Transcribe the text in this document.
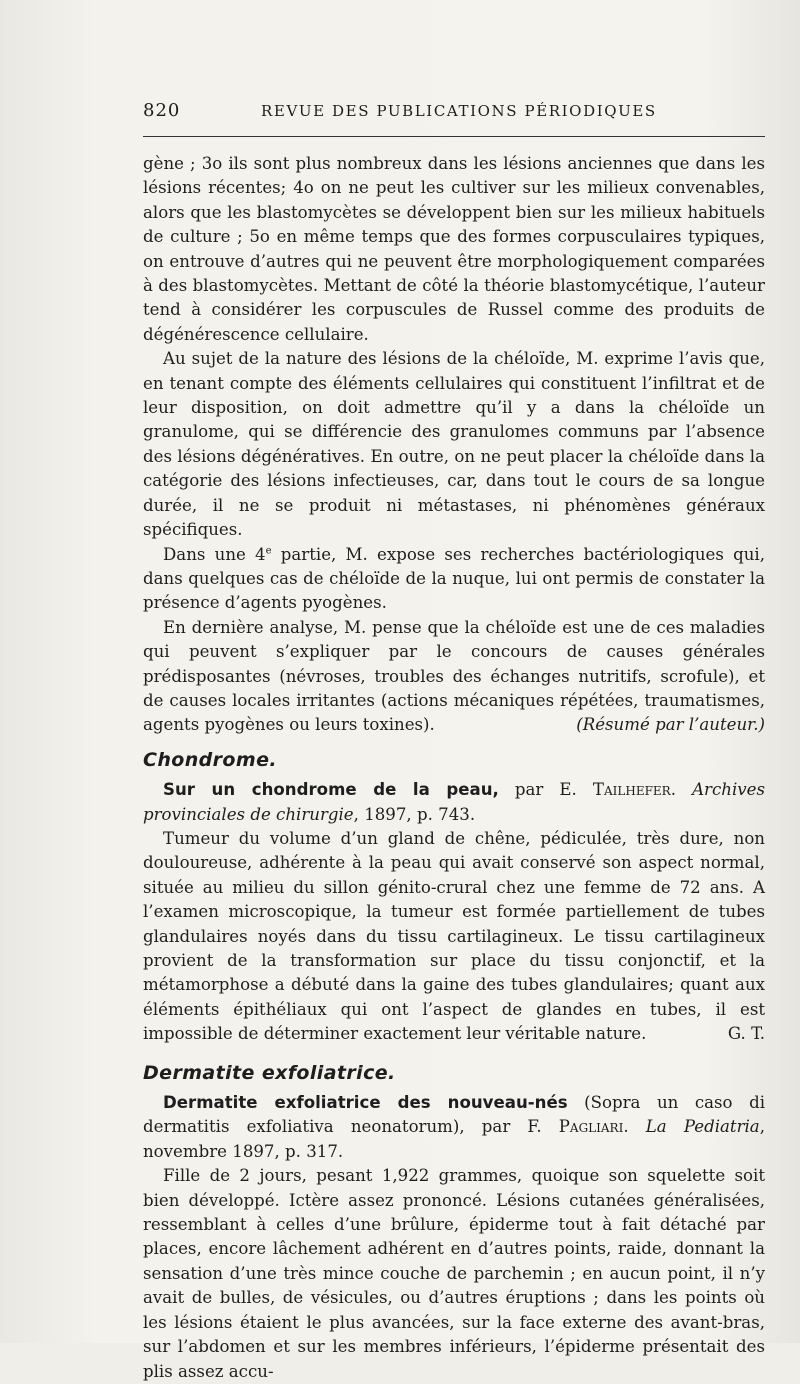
820	REVUE DES PUBLICATIONS PÉRIODIQUES

gène ; 3o ils sont plus nombreux dans les lésions anciennes que dans les lésions récentes; 4o on ne peut les cultiver sur les milieux convenables, alors que les blastomycètes se développent bien sur les milieux habituels de culture ; 5o en même temps que des formes corpusculaires typiques, on entrouve d’autres qui ne peuvent être morphologiquement comparées à des blastomycètes. Mettant de côté la théorie blastomycétique, l’auteur tend à considérer les corpuscules de Russel comme des produits de dégénérescence cellulaire.

Au sujet de la nature des lésions de la chéloïde, M. exprime l’avis que, en tenant compte des éléments cellulaires qui constituent l’infiltrat et de leur disposition, on doit admettre qu’il y a dans la chéloïde un granulome, qui se différencie des granulomes communs par l’absence des lésions dégénératives. En outre, on ne peut placer la chéloïde dans la catégorie des lésions infectieuses, car, dans tout le cours de sa longue durée, il ne se produit ni métastases, ni phénomènes généraux spécifiques.

Dans une 4e partie, M. expose ses recherches bactériologiques qui, dans quelques cas de chéloïde de la nuque, lui ont permis de constater la présence d’agents pyogènes.

En dernière analyse, M. pense que la chéloïde est une de ces maladies qui peuvent s’expliquer par le concours de causes générales prédisposantes (névroses, troubles des échanges nutritifs, scrofule), et de causes locales irritantes (actions mécaniques répétées, traumatismes, agents pyogènes ou leurs toxines).	(Résumé par l’auteur.)

Chondrome.

Sur un chondrome de la peau, par E. Tailhefer. Archives provinciales de chirurgie, 1897, p. 743.

Tumeur du volume d’un gland de chêne, pédiculée, très dure, non douloureuse, adhérente à la peau qui avait conservé son aspect normal, située au milieu du sillon génito-crural chez une femme de 72 ans. A l’examen microscopique, la tumeur est formée partiellement de tubes glandulaires noyés dans du tissu cartilagineux. Le tissu cartilagineux provient de la transformation sur place du tissu conjonctif, et la métamorphose a débuté dans la gaine des tubes glandulaires; quant aux éléments épithéliaux qui ont l’aspect de glandes en tubes, il est impossible de déterminer exactement leur véritable nature.	G. T.

Dermatite exfoliatrice.

Dermatite exfoliatrice des nouveau-nés (Sopra un caso di dermatitis exfoliativa neonatorum), par F. Pagliari. La Pediatria, novembre 1897, p. 317.

Fille de 2 jours, pesant 1,922 grammes, quoique son squelette soit bien développé. Ictère assez prononcé. Lésions cutanées généralisées, ressemblant à celles d’une brûlure, épiderme tout à fait détaché par places, encore lâchement adhérent en d’autres points, raide, donnant la sensation d’une très mince couche de parchemin ; en aucun point, il n’y avait de bulles, de vésicules, ou d’autres éruptions ; dans les points où les lésions étaient le plus avancées, sur la face externe des avant-bras, sur l’abdomen et sur les membres inférieurs, l’épiderme présentait des plis assez accu-
